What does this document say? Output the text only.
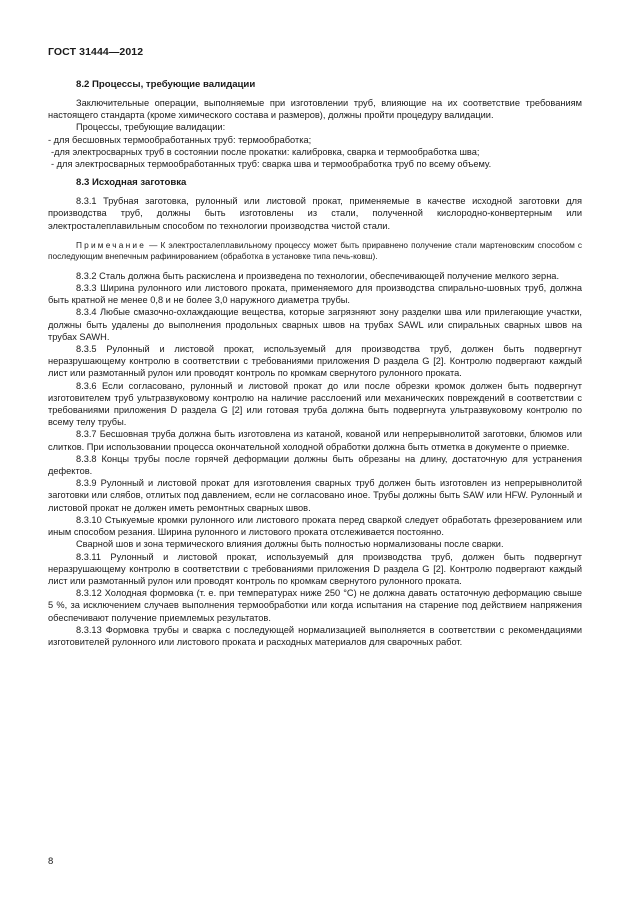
ГОСТ 31444—2012
8.2 Процессы, требующие валидации

Заключительные операции, выполняемые при изготовлении труб, влияющие на их соответствие требованиям настоящего стандарта (кроме химического состава и размеров), должны пройти процедуру валидации.

Процессы, требующие валидации:

- для бесшовных термообработанных труб: термообработка;

-для электросварных труб в состоянии после прокатки: калибровка, сварка и термообработка шва;

- для электросварных термообработанных труб: сварка шва и термообработка труб по всему объему.

8.3 Исходная заготовка

8.3.1 Трубная заготовка, рулонный или листовой прокат, применяемые в качестве исходной заготовки для производства труб, должны быть изготовлены из стали, полученной кислородно-конвертерным или электросталеплавильным способом по технологии производства чистой стали.

Примечание — К электросталеплавильному процессу может быть приравнено получение стали мартеновским способом с последующим внепечным рафинированием (обработка в установке типа печь-ковш).

8.3.2 Сталь должна быть раскислена и произведена по технологии, обеспечивающей получение мелкого зерна.

8.3.3 Ширина рулонного или листового проката, применяемого для производства спирально-шовных труб, должна быть кратной не менее 0,8 и не более 3,0 наружного диаметра трубы.

8.3.4 Любые смазочно-охлаждающие вещества, которые загрязняют зону разделки шва или прилегающие участки, должны быть удалены до выполнения продольных сварных швов на трубах SAWL или спиральных сварных швов на трубах SAWH.

8.3.5 Рулонный и листовой прокат, используемый для производства труб, должен быть подвергнут неразрушающему контролю в соответствии с требованиями приложения D раздела G [2]. Контролю подвергают каждый лист или размотанный рулон или проводят контроль по кромкам свернутого рулонного проката.

8.3.6 Если согласовано, рулонный и листовой прокат до или после обрезки кромок должен быть подвергнут изготовителем труб ультразвуковому контролю на наличие расслоений или механических повреждений в соответствии с требованиями приложения D раздела G [2] или готовая труба должна быть подвергнута ультразвуковому контролю по всему телу трубы.

8.3.7 Бесшовная труба должна быть изготовлена из катаной, кованой или непрерывнолитой заготовки, блюмов или слитков. При использовании процесса окончательной холодной обработки должна быть отметка в документе о приемке.

8.3.8 Концы трубы после горячей деформации должны быть обрезаны на длину, достаточную для устранения дефектов.

8.3.9 Рулонный и листовой прокат для изготовления сварных труб должен быть изготовлен из непрерывнолитой заготовки или слябов, отлитых под давлением, если не согласовано иное. Трубы должны быть SAW или HFW. Рулонный и листовой прокат не должен иметь ремонтных сварных швов.

8.3.10 Стыкуемые кромки рулонного или листового проката перед сваркой следует обработать фрезерованием или иным способом резания. Ширина рулонного и листового проката отслеживается постоянно.

Сварной шов и зона термического влияния должны быть полностью нормализованы после сварки.

8.3.11 Рулонный и листовой прокат, используемый для производства труб, должен быть подвергнут неразрушающему контролю в соответствии с требованиями приложения D раздела G [2]. Контролю подвергают каждый лист или размотанный рулон или проводят контроль по кромкам свернутого рулонного проката.

8.3.12 Холодная формовка (т. е. при температурах ниже 250 °C) не должна давать остаточную деформацию свыше 5 %, за исключением случаев выполнения термообработки или когда испытания на старение под действием напряжения обеспечивают получение приемлемых результатов.

8.3.13 Формовка трубы и сварка с последующей нормализацией выполняется в соответствии с рекомендациями изготовителей рулонного или листового проката и расходных материалов для сварочных работ.

8
